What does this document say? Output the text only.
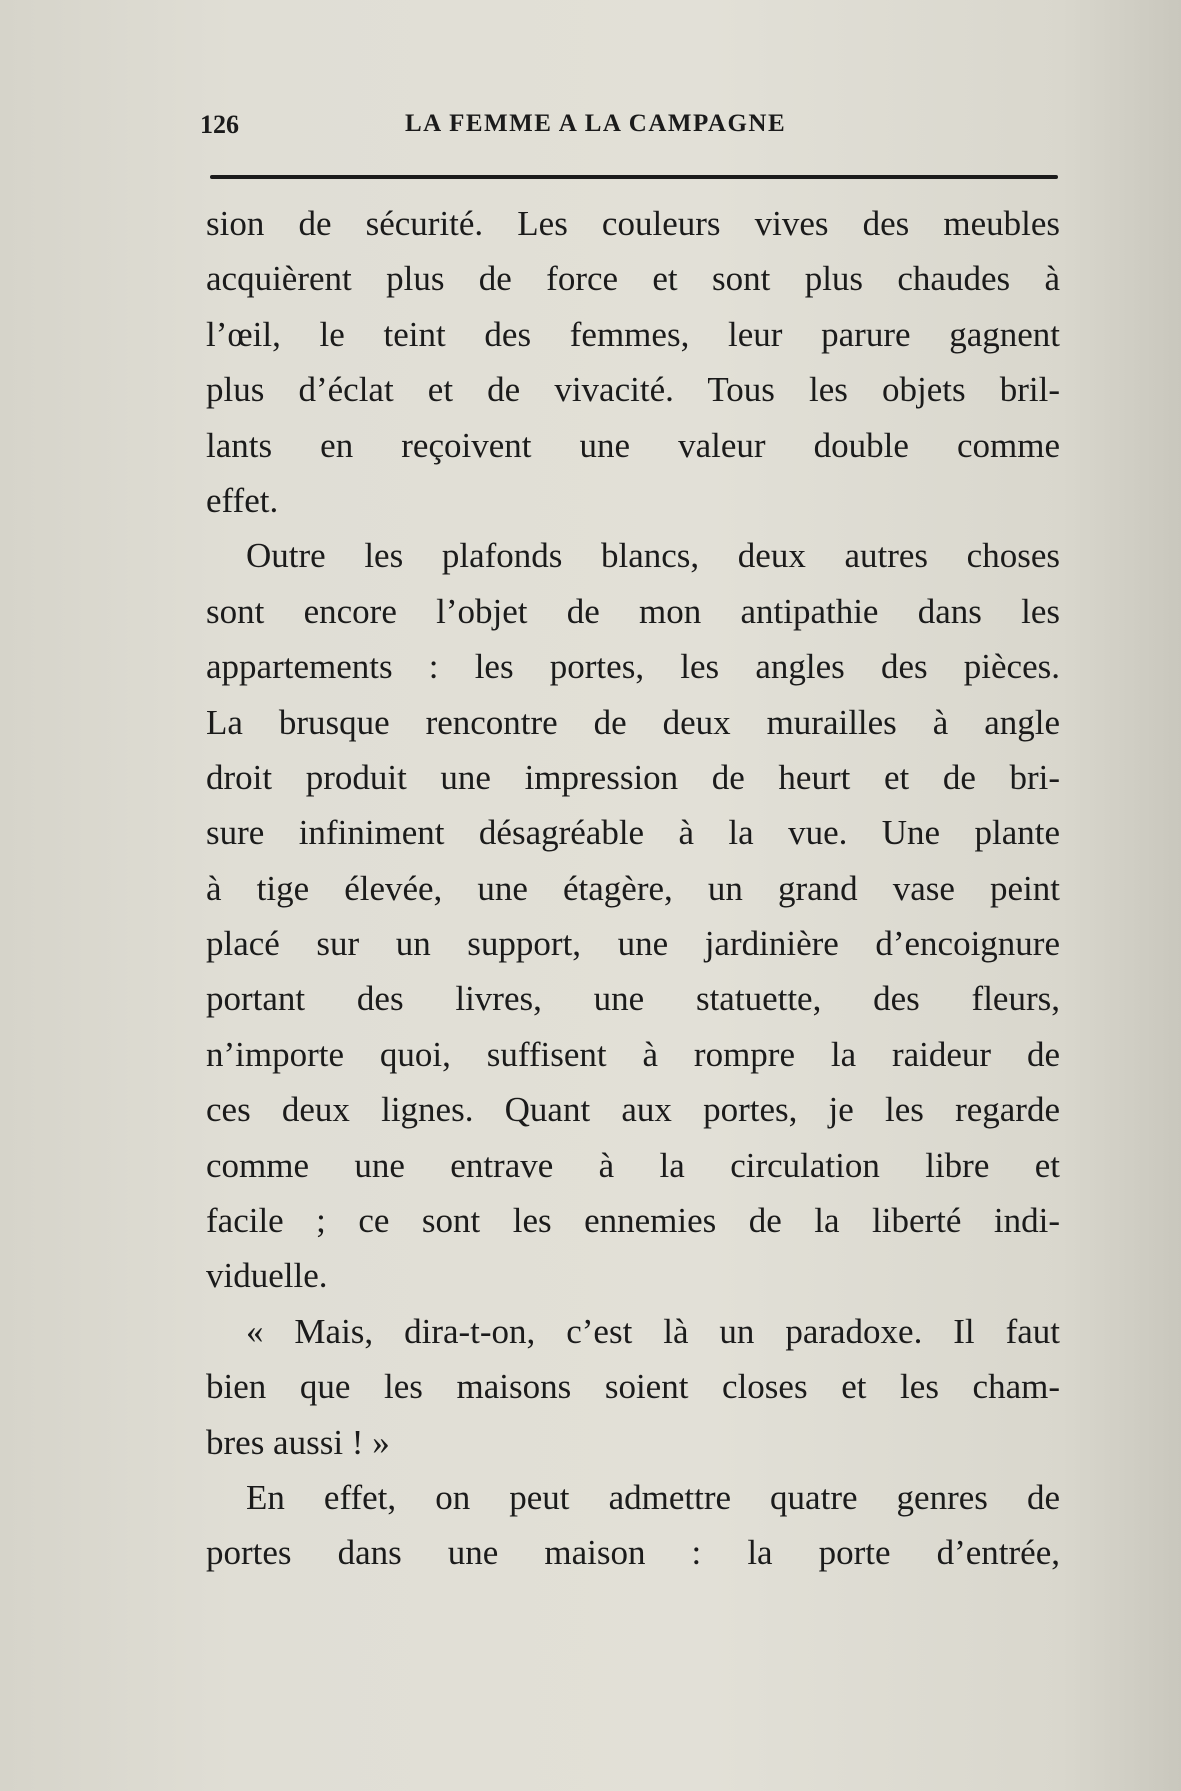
126	LA FEMME A LA CAMPAGNE
sion de sécurité. Les couleurs vives des meubles
acquièrent plus de force et sont plus chaudes à
l’œil, le teint des femmes, leur parure gagnent
plus d’éclat et de vivacité. Tous les objets bril-
lants en reçoivent une valeur double comme
effet.
Outre les plafonds blancs, deux autres choses
sont encore l’objet de mon antipathie dans les
appartements : les portes, les angles des pièces.
La brusque rencontre de deux murailles à angle
droit produit une impression de heurt et de bri-
sure infiniment désagréable à la vue. Une plante
à tige élevée, une étagère, un grand vase peint
placé sur un support, une jardinière d’encoignure
portant des livres, une statuette, des fleurs,
n’importe quoi, suffisent à rompre la raideur de
ces deux lignes. Quant aux portes, je les regarde
comme une entrave à la circulation libre et
facile ; ce sont les ennemies de la liberté indi-
viduelle.
« Mais, dira-t-on, c’est là un paradoxe. Il faut
bien que les maisons soient closes et les cham-
bres aussi ! »
En effet, on peut admettre quatre genres de
portes dans une maison : la porte d’entrée,
